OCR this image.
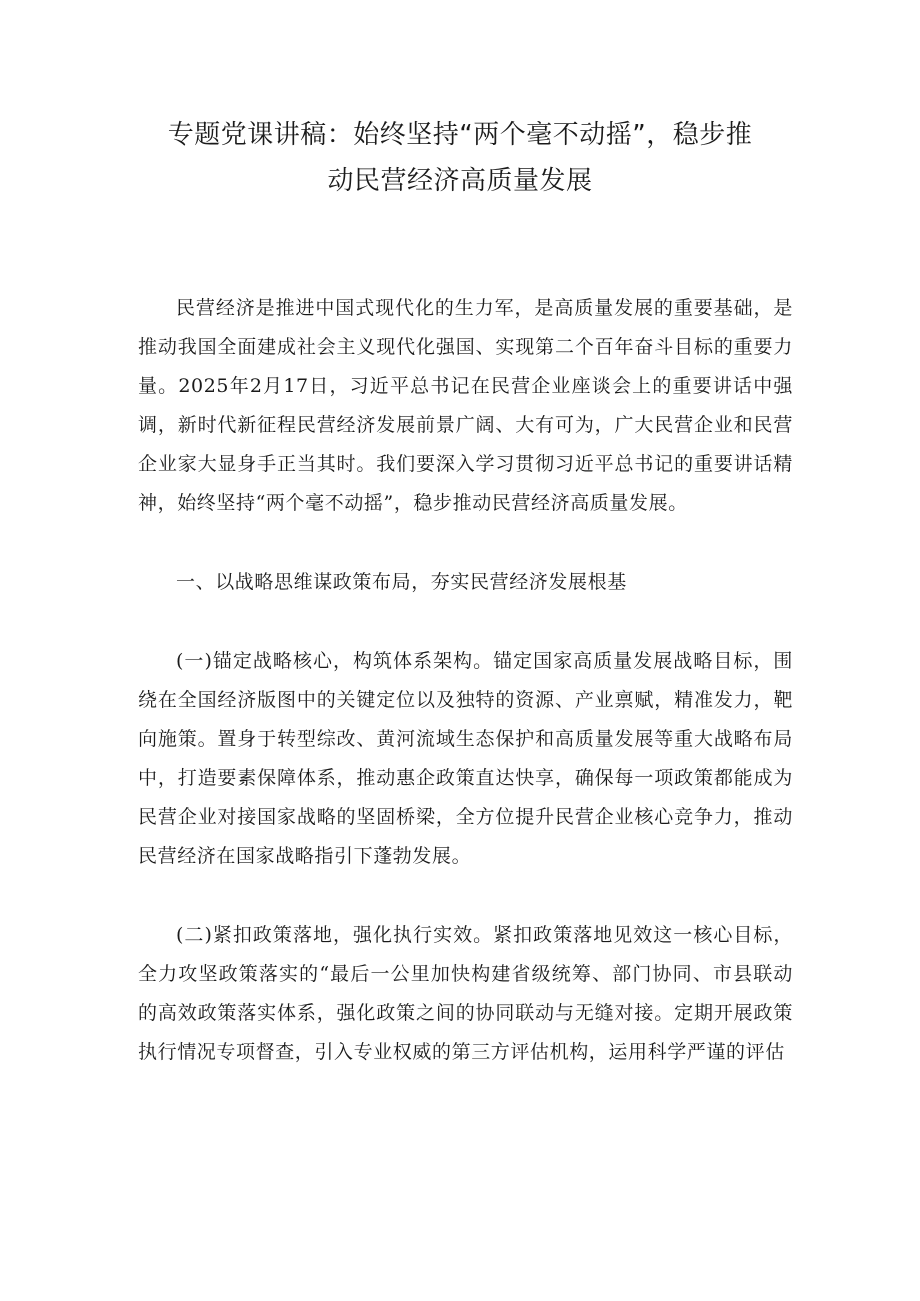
专题党课讲稿：始终坚持“两个毫不动摇”，稳步推
动民营经济高质量发展

民营经济是推进中国式现代化的生力军，是高质量发展的重要基础，是推动我国全面建成社会主义现代化强国、实现第二个百年奋斗目标的重要力量。2025年2月17日，习近平总书记在民营企业座谈会上的重要讲话中强调，新时代新征程民营经济发展前景广阔、大有可为，广大民营企业和民营企业家大显身手正当其时。我们要深入学习贯彻习近平总书记的重要讲话精神，始终坚持“两个毫不动摇”，稳步推动民营经济高质量发展。

一、以战略思维谋政策布局，夯实民营经济发展根基

(一)锚定战略核心，构筑体系架构。锚定国家高质量发展战略目标，围绕在全国经济版图中的关键定位以及独特的资源、产业禀赋，精准发力，靶向施策。置身于转型综改、黄河流域生态保护和高质量发展等重大战略布局中，打造要素保障体系，推动惠企政策直达快享，确保每一项政策都能成为民营企业对接国家战略的坚固桥梁，全方位提升民营企业核心竞争力，推动民营经济在国家战略指引下蓬勃发展。

(二)紧扣政策落地，强化执行实效。紧扣政策落地见效这一核心目标，全力攻坚政策落实的“最后一公里加快构建省级统筹、部门协同、市县联动的高效政策落实体系，强化政策之间的协同联动与无缝对接。定期开展政策执行情况专项督查，引入专业权威的第三方评估机构，运用科学严谨的评估
